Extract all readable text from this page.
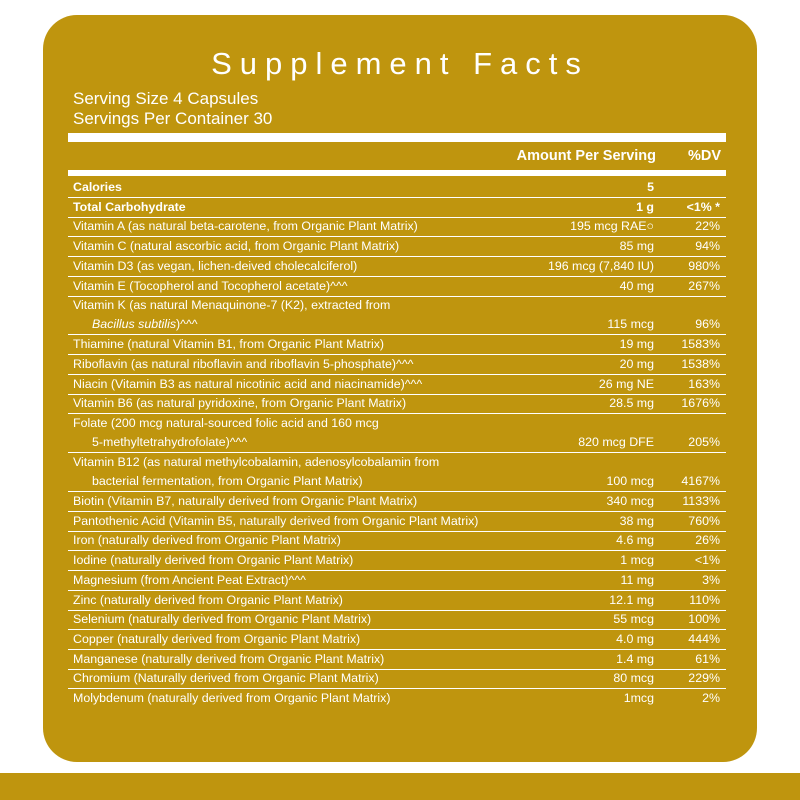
Supplement Facts
Serving Size 4 Capsules
Servings Per Container 30
Amount Per Serving %DV
Calories	5
Total Carbohydrate	1 g	<1% *
Vitamin A (as natural beta-carotene, from Organic Plant Matrix)	195 mcg RAE○	22%
Vitamin C (natural ascorbic acid, from Organic Plant Matrix)	85 mg	94%
Vitamin D3 (as vegan, lichen-deived cholecalciferol)	196 mcg (7,840 IU)	980%
Vitamin E (Tocopherol and Tocopherol acetate)^^^	40 mg	267%
Vitamin K (as natural Menaquinone-7 (K2), extracted from
Bacillus subtilis)^^^	115 mcg	96%
Thiamine (natural Vitamin B1, from Organic Plant Matrix)	19 mg 1583%
Riboflavin (as natural riboflavin and riboflavin 5-phosphate)^^^	20 mg 1538%
Niacin (Vitamin B3 as natural nicotinic acid and niacinamide)^^^	26 mg NE	163%
Vitamin B6 (as natural pyridoxine, from Organic Plant Matrix)	28.5 mg 1676%
Folate (200 mcg natural-sourced folic acid and 160 mcg
5-methyltetrahydrofolate)^^^	820 mcg DFE	205%
Vitamin B12 (as natural methylcobalamin, adenosylcobalamin from
bacterial fermentation, from Organic Plant Matrix)	100 mcg 4167%
Biotin (Vitamin B7, naturally derived from Organic Plant Matrix)	340 mcg 1133%
Pantothenic Acid (Vitamin B5, naturally derived from Organic Plant Matrix)	38 mg	760%
Iron (naturally derived from Organic Plant Matrix)	4.6 mg	26%
Iodine (naturally derived from Organic Plant Matrix)	1 mcg	<1%
Magnesium (from Ancient Peat Extract)^^^	11 mg	3%
Zinc (naturally derived from Organic Plant Matrix)	12.1 mg	110%
Selenium (naturally derived from Organic Plant Matrix)	55 mcg	100%
Copper (naturally derived from Organic Plant Matrix)	4.0 mg	444%
Manganese (naturally derived from Organic Plant Matrix)	1.4 mg	61%
Chromium (Naturally derived from Organic Plant Matrix)	80 mcg	229%
Molybdenum (naturally derived from Organic Plant Matrix)	1mcg	2%
